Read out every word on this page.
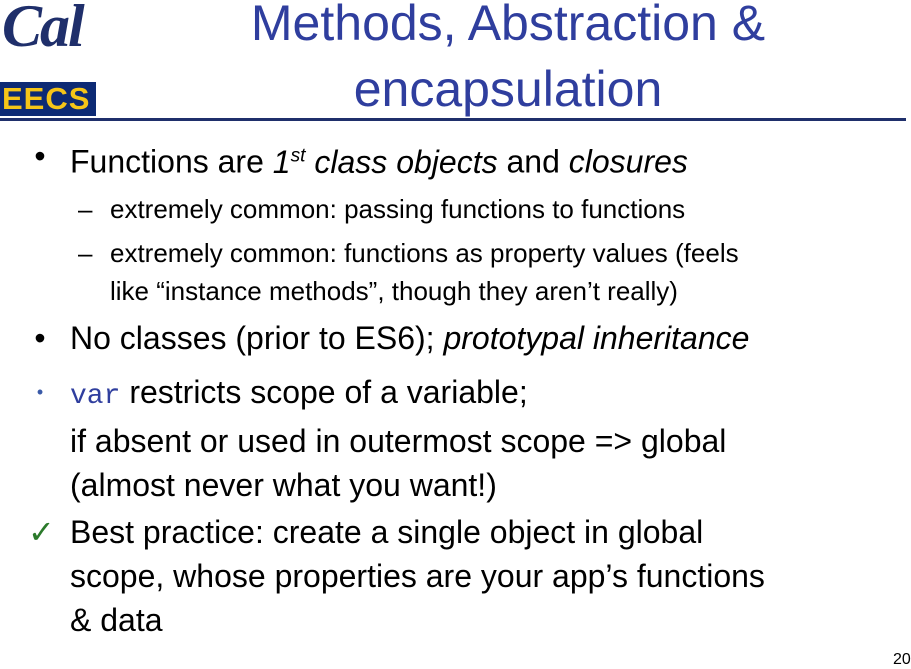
Cal
EECS
Methods, Abstraction &
encapsulation
• Functions are 1st class objects and closures
– extremely common: passing functions to functions
– extremely common: functions as property values (feels
like “instance methods”, though they aren’t really)
• No classes (prior to ES6); prototypal inheritance
• var restricts scope of a variable;
if absent or used in outermost scope => global
(almost never what you want!)
✓ Best practice: create a single object in global
scope, whose properties are your app’s functions
& data
20
